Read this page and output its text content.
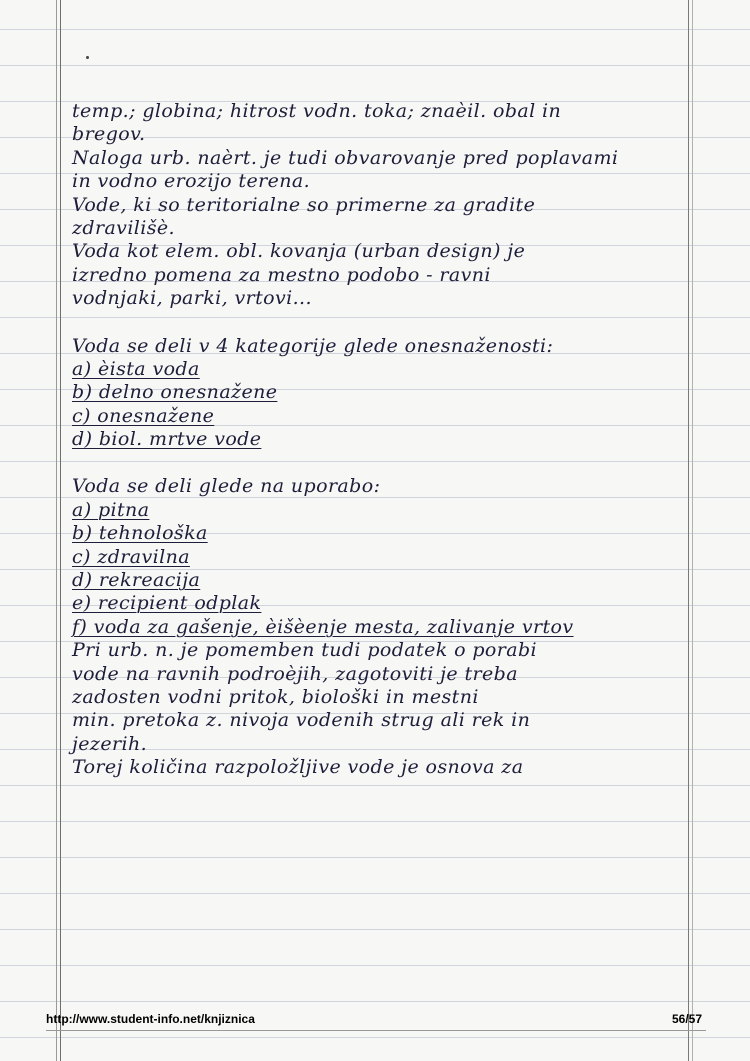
temp.; globina; hitrost vodn. toka; znaèil. obal in
bregov.
Naloga urb. naèrt. je tudi obvarovanje pred poplavami
in vodno erozijo terena.
Vode, ki so teritorialne so primerne za gradite
zdravilišè.
Voda kot elem. obl. kovanja (urban design) je
izredno pomena za mestno podobo - ravni
vodnjaki, parki, vrtovi...
Voda se deli v 4 kategorije glede onesnaženosti:
a) èista voda
b) delno onesnažene
c) onesnažene
d) biol. mrtve vode
Voda se deli glede na uporabo:
a) pitna
b) tehnološka
c) zdravilna
d) rekreacija
e) recipient odplak
f) voda za gašenje, èišèenje mesta, zalivanje vrtov
Pri urb. n. je pomemben tudi podatek o porabi
vode na ravnih podroèjih, zagotoviti je treba
zadosten vodni pritok, biološki in mestni
min. pretoka z. nivoja vodenih strug ali rek in
jezerih.
Torej količina razpoložljive vode je osnova za
http://www.student-info.net/knjiznica	56/57
